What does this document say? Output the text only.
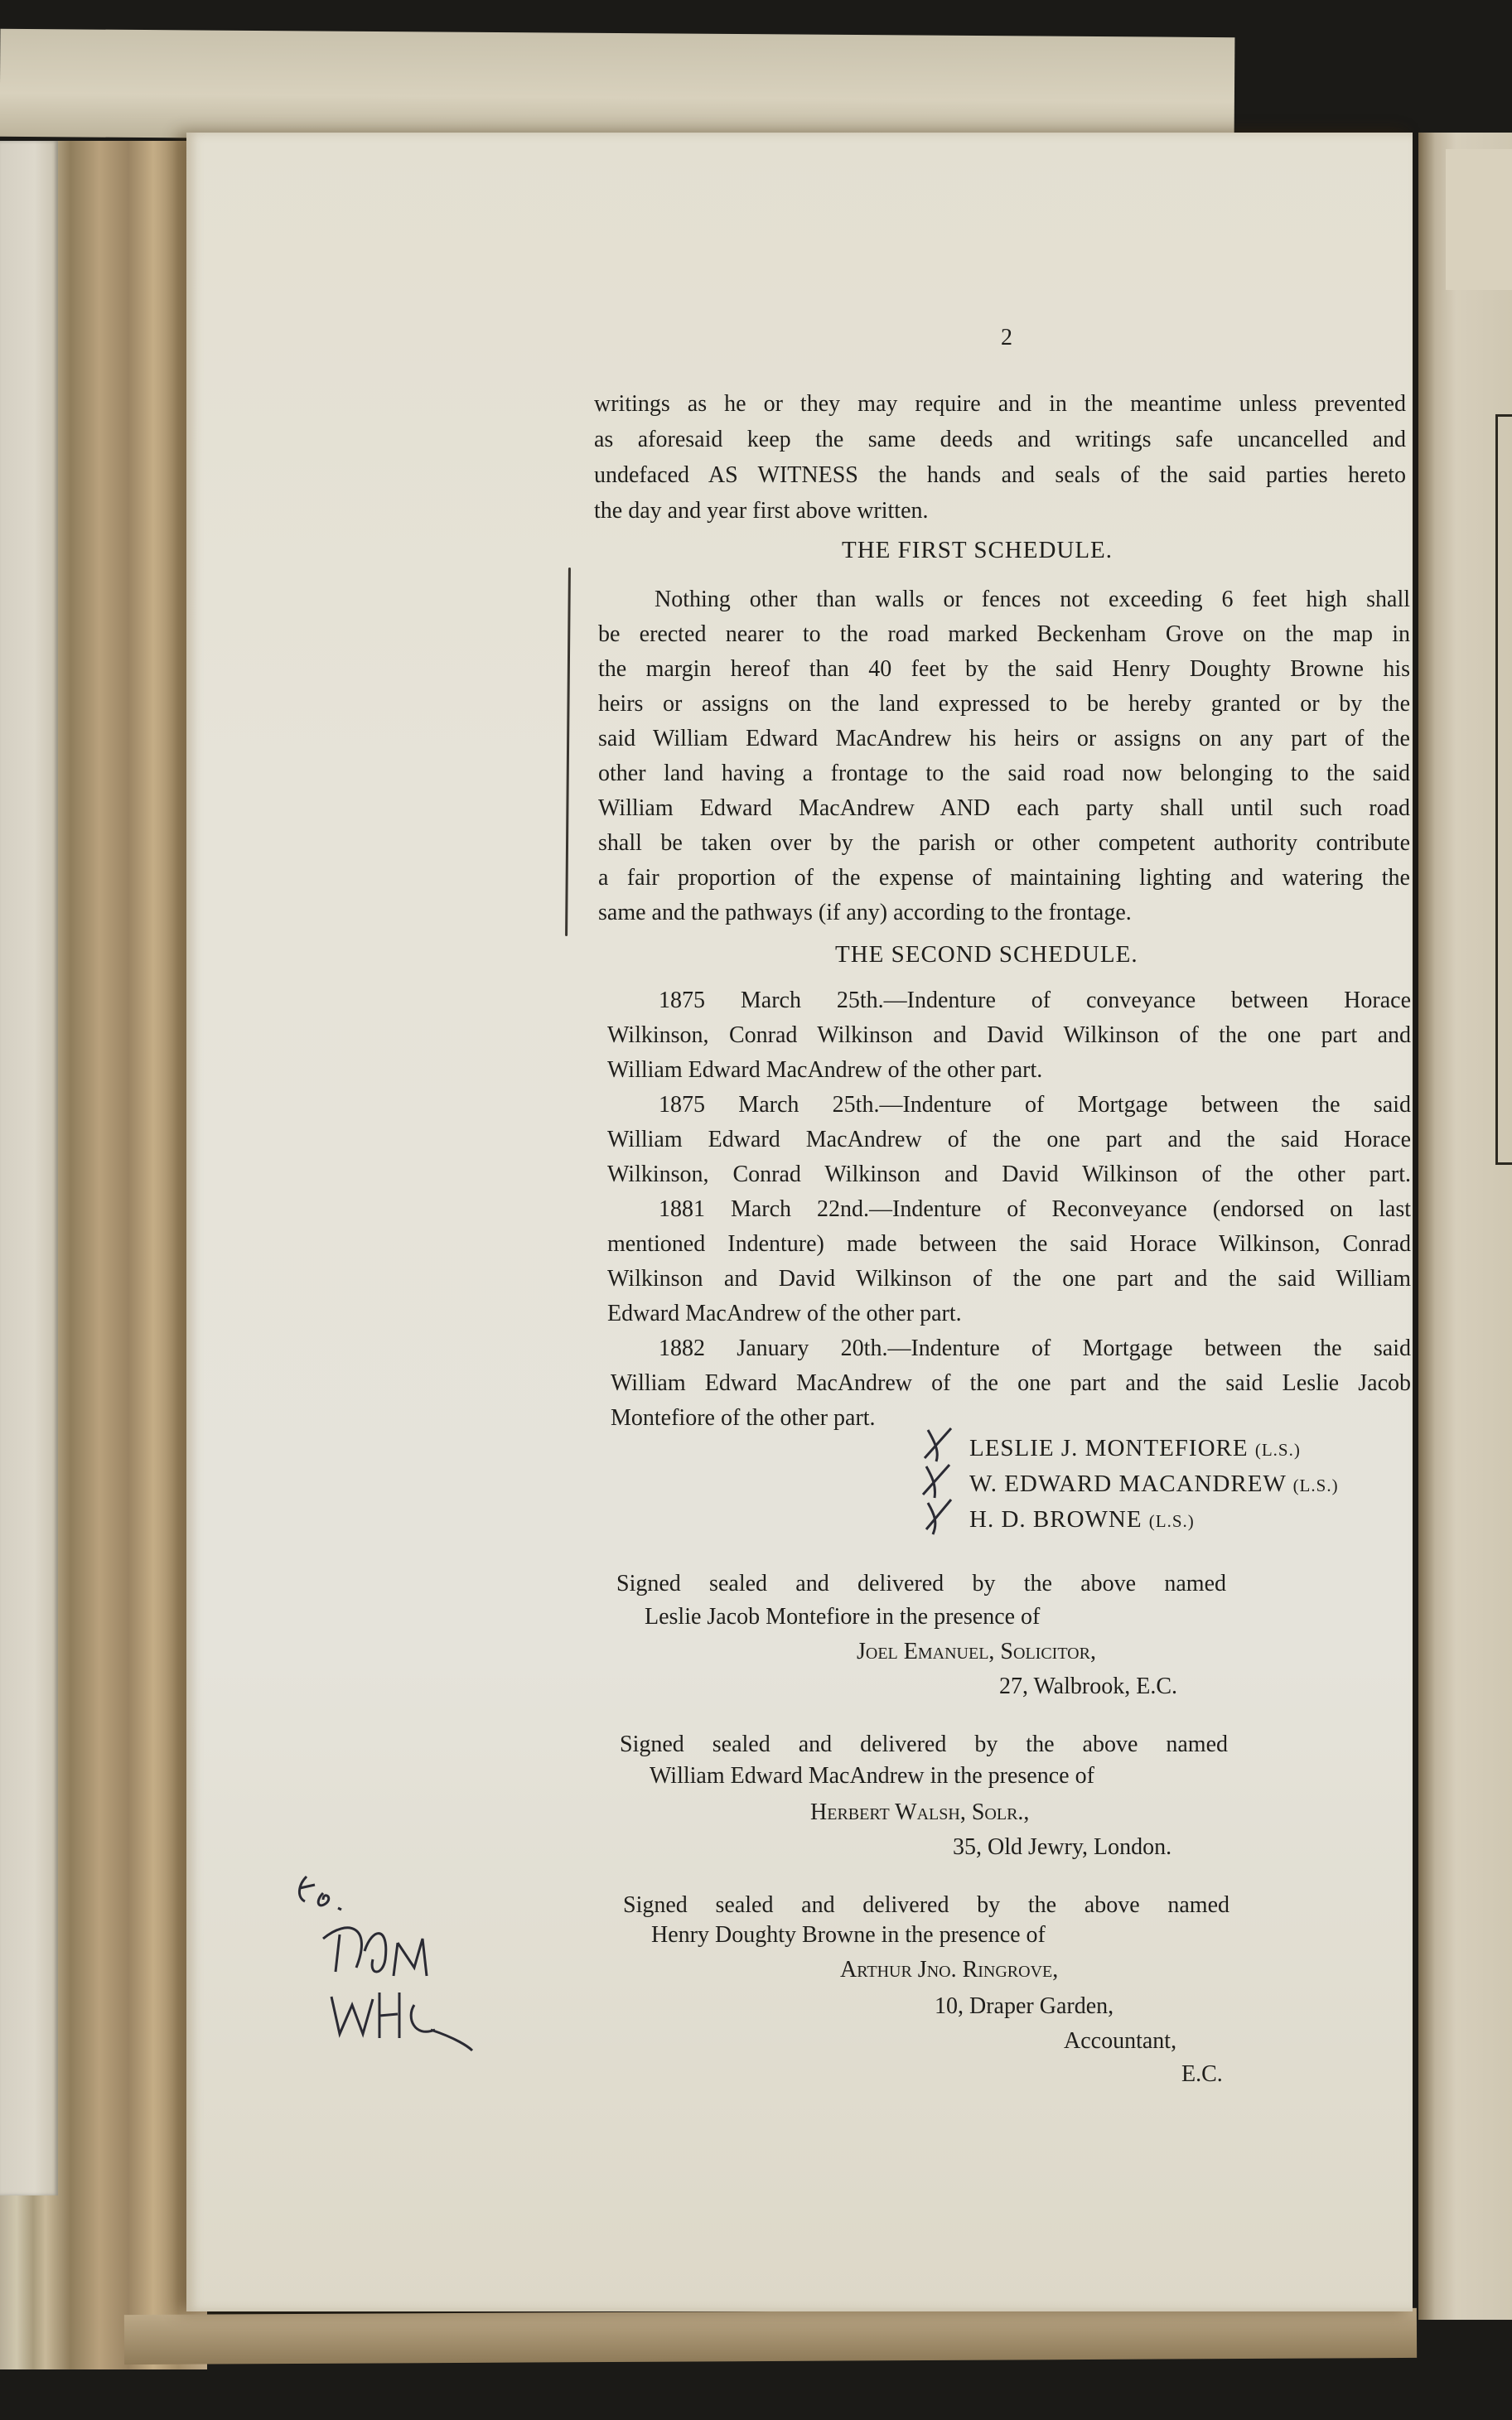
2
writings as he or they may require and in the meantime unless prevented
as aforesaid keep the same deeds and writings safe uncancelled and
undefaced AS WITNESS the hands and seals of the said parties hereto
the day and year first above written.
THE FIRST SCHEDULE.
Nothing other than walls or fences not exceeding 6 feet high shall
be erected nearer to the road marked Beckenham Grove on the map in
the margin hereof than 40 feet by the said Henry Doughty Browne his
heirs or assigns on the land expressed to be hereby granted or by the
said William Edward MacAndrew his heirs or assigns on any part of the
other land having a frontage to the said road now belonging to the said
William Edward MacAndrew AND each party shall until such road
shall be taken over by the parish or other competent authority contribute
a fair proportion of the expense of maintaining lighting and watering the
same and the pathways (if any) according to the frontage.
THE SECOND SCHEDULE.
1875 March 25th.—Indenture of conveyance between Horace
Wilkinson, Conrad Wilkinson and David Wilkinson of the one part and
William Edward MacAndrew of the other part.
1875 March 25th.—Indenture of Mortgage between the said
William Edward MacAndrew of the one part and the said Horace
Wilkinson, Conrad Wilkinson and David Wilkinson of the other part.
1881 March 22nd.—Indenture of Reconveyance (endorsed on last
mentioned Indenture) made between the said Horace Wilkinson, Conrad
Wilkinson and David Wilkinson of the one part and the said William
Edward MacAndrew of the other part.
1882 January 20th.—Indenture of Mortgage between the said
William Edward MacAndrew of the one part and the said Leslie Jacob
Montefiore of the other part.
LESLIE J. MONTEFIORE (L.S.)
W. EDWARD MACANDREW (L.S.)
H. D. BROWNE (L.S.)
Signed sealed and delivered by the above named
Leslie Jacob Montefiore in the presence of
Joel Emanuel, Solicitor,
27, Walbrook, E.C.
Signed sealed and delivered by the above named
William Edward MacAndrew in the presence of
Herbert Walsh, Solr.,
35, Old Jewry, London.
Signed sealed and delivered by the above named
Henry Doughty Browne in the presence of
Arthur Jno. Ringrove,
10, Draper Garden,
Accountant,
E.C.
